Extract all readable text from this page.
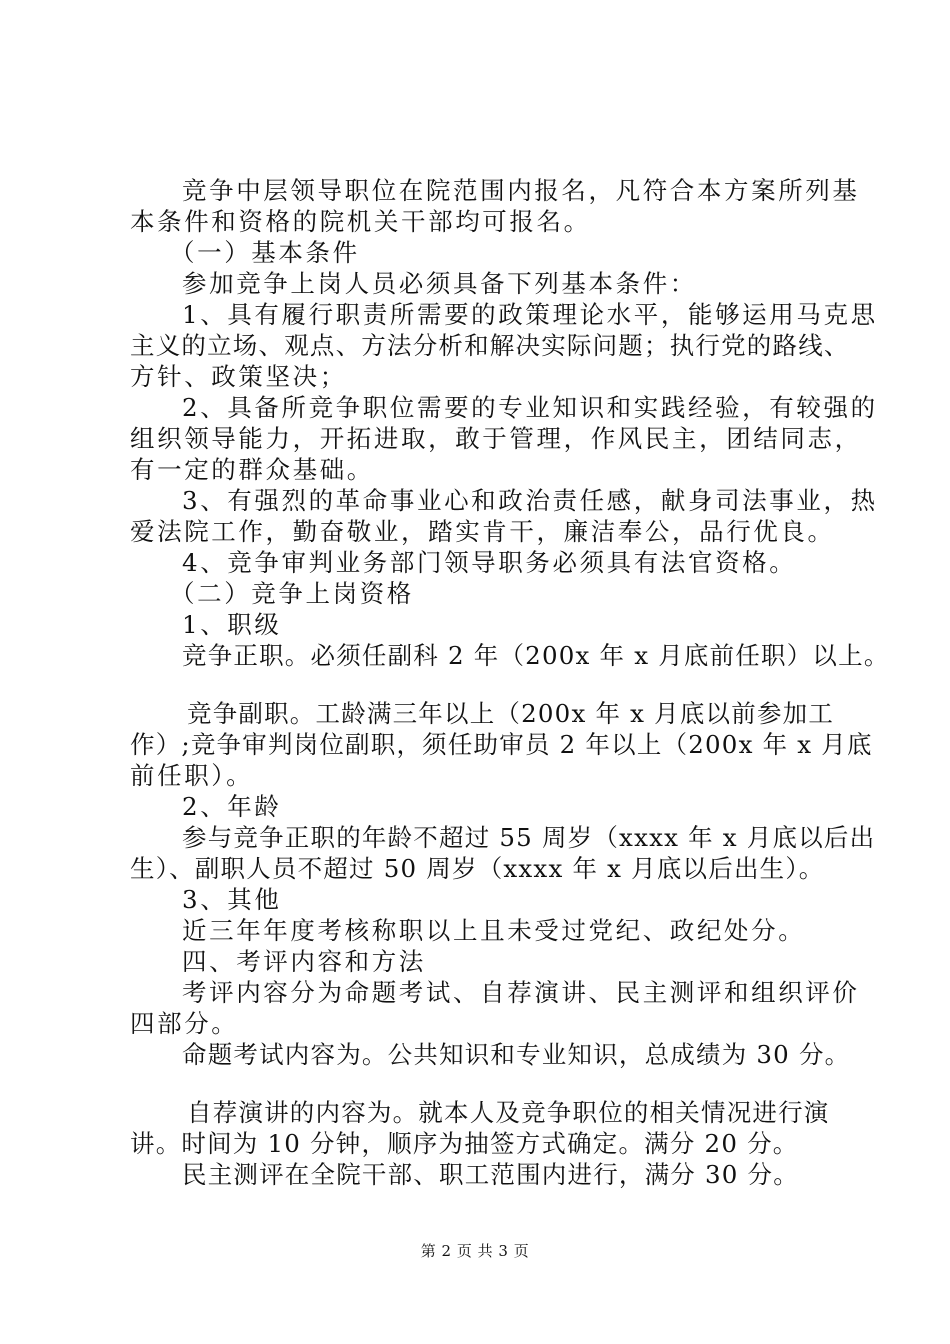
竞争中层领导职位在院范围内报名，凡符合本方案所列基
本条件和资格的院机关干部均可报名。
（一）基本条件
参加竞争上岗人员必须具备下列基本条件：
1、具有履行职责所需要的政策理论水平，能够运用马克思
主义的立场、观点、方法分析和解决实际问题；执行党的路线、
方针、政策坚决；
2、具备所竞争职位需要的专业知识和实践经验，有较强的
组织领导能力，开拓进取，敢于管理，作风民主，团结同志，
有一定的群众基础。
3、有强烈的革命事业心和政治责任感，献身司法事业，热
爱法院工作，勤奋敬业，踏实肯干，廉洁奉公，品行优良。
4、竞争审判业务部门领导职务必须具有法官资格。
（二）竞争上岗资格
1、职级
竞争正职。必须任副科 2 年（200x 年 x 月底前任职）以上。
竞争副职。工龄满三年以上（200x 年 x 月底以前参加工
作）;竞争审判岗位副职，须任助审员 2 年以上（200x 年 x 月底
前任职）。
2、年龄
参与竞争正职的年龄不超过 55 周岁（xxxx 年 x 月底以后出
生）、副职人员不超过 50 周岁（xxxx 年 x 月底以后出生）。
3、其他
近三年年度考核称职以上且未受过党纪、政纪处分。
四、考评内容和方法
考评内容分为命题考试、自荐演讲、民主测评和组织评价
四部分。
命题考试内容为。公共知识和专业知识，总成绩为 30 分。
自荐演讲的内容为。就本人及竞争职位的相关情况进行演
讲。时间为 10 分钟，顺序为抽签方式确定。满分 20 分。
民主测评在全院干部、职工范围内进行，满分 30 分。
第 2 页 共 3 页
